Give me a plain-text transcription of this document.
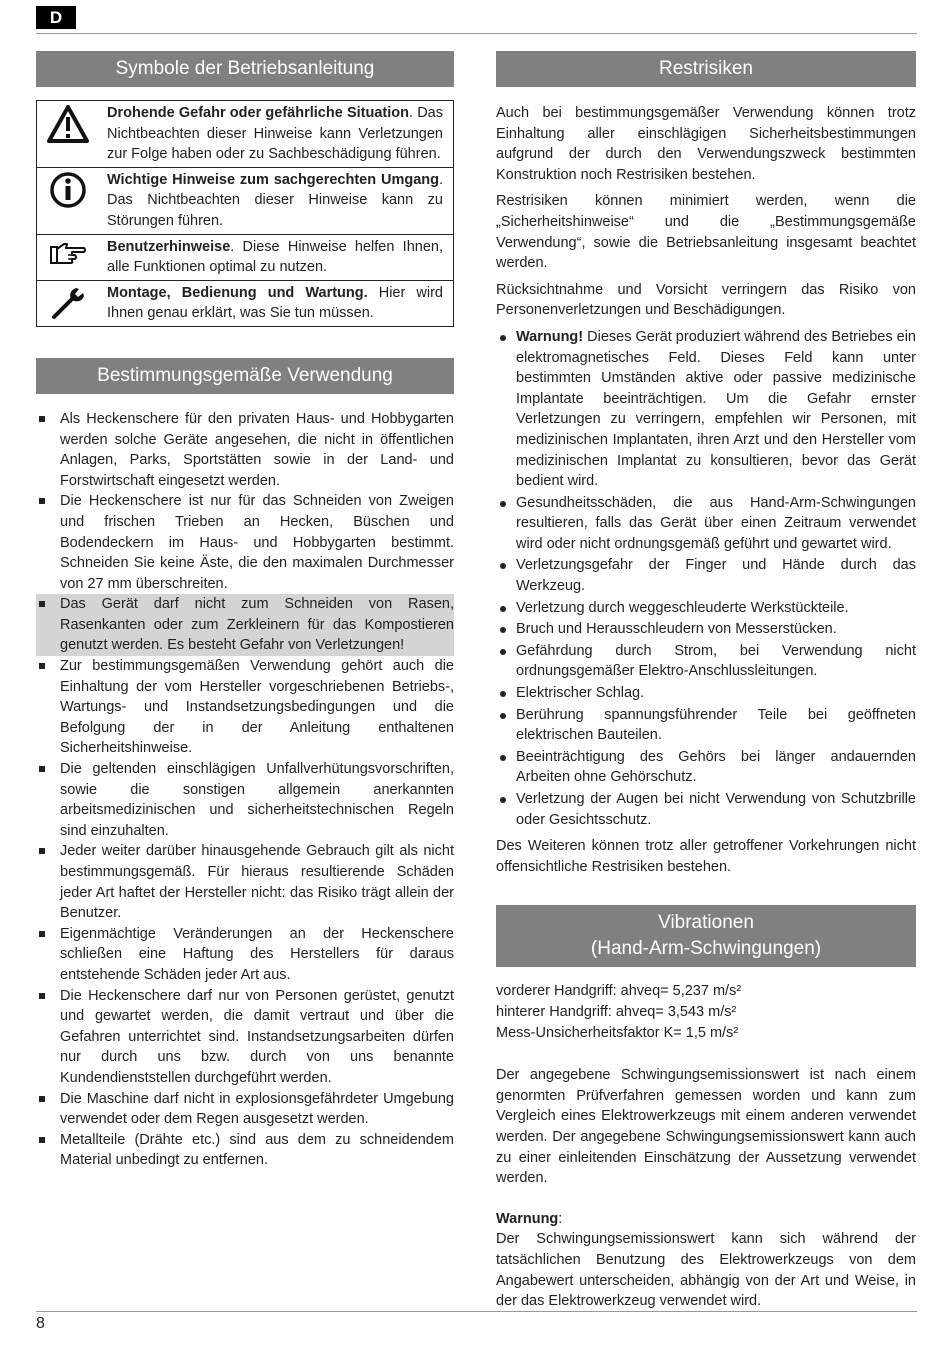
D
Symbole der Betriebsanleitung
Drohende Gefahr oder gefährliche Situation. Das Nichtbeachten dieser Hinweise kann Verletzungen zur Folge haben oder zu Sachbeschädigung führen.
Wichtige Hinweise zum sachgerechten Umgang. Das Nichtbeachten dieser Hinweise kann zu Störungen führen.
Benutzerhinweise. Diese Hinweise helfen Ihnen, alle Funktionen optimal zu nutzen.
Montage, Bedienung und Wartung. Hier wird Ihnen genau erklärt, was Sie tun müssen.
Bestimmungsgemäße Verwendung
Als Heckenschere für den privaten Haus- und Hobbygarten werden solche Geräte angesehen, die nicht in öffentlichen Anlagen, Parks, Sportstätten sowie in der Land- und Forstwirtschaft eingesetzt werden.
Die Heckenschere ist nur für das Schneiden von Zweigen und frischen Trieben an Hecken, Büschen und Bodendeckern im Haus- und Hobbygarten bestimmt. Schneiden Sie keine Äste, die den maximalen Durchmesser von 27 mm überschreiten.
Das Gerät darf nicht zum Schneiden von Rasen, Rasenkanten oder zum Zerkleinern für das Kompostieren genutzt werden. Es besteht Gefahr von Verletzungen!
Zur bestimmungsgemäßen Verwendung gehört auch die Einhaltung der vom Hersteller vorgeschriebenen Betriebs-, Wartungs- und Instandsetzungsbedingungen und die Befolgung der in der Anleitung enthaltenen Sicherheitshinweise.
Die geltenden einschlägigen Unfallverhütungsvorschriften, sowie die sonstigen allgemein anerkannten arbeitsmedizinischen und sicherheitstechnischen Regeln sind einzuhalten.
Jeder weiter darüber hinausgehende Gebrauch gilt als nicht bestimmungsgemäß. Für hieraus resultierende Schäden jeder Art haftet der Hersteller nicht: das Risiko trägt allein der Benutzer.
Eigenmächtige Veränderungen an der Heckenschere schließen eine Haftung des Herstellers für daraus entstehende Schäden jeder Art aus.
Die Heckenschere darf nur von Personen gerüstet, genutzt und gewartet werden, die damit vertraut und über die Gefahren unterrichtet sind. Instandsetzungsarbeiten dürfen nur durch uns bzw. durch von uns benannte Kundendienststellen durchgeführt werden.
Die Maschine darf nicht in explosionsgefährdeter Umgebung verwendet oder dem Regen ausgesetzt werden.
Metallteile (Drähte etc.) sind aus dem zu schneidendem Material unbedingt zu entfernen.
Restrisiken

Auch bei bestimmungsgemäßer Verwendung können trotz Einhaltung aller einschlägigen Sicherheitsbestimmungen aufgrund der durch den Verwendungszweck bestimmten Konstruktion noch Restrisiken bestehen.

Restrisiken können minimiert werden, wenn die „Sicherheitshinweise“ und die „Bestimmungsgemäße Verwendung“, sowie die Betriebsanleitung insgesamt beachtet werden.

Rücksichtnahme und Vorsicht verringern das Risiko von Personenverletzungen und Beschädigungen.

Warnung! Dieses Gerät produziert während des Betriebes ein elektromagnetisches Feld. Dieses Feld kann unter bestimmten Umständen aktive oder passive medizinische Implantate beeinträchtigen. Um die Gefahr ernster Verletzungen zu verringern, empfehlen wir Personen, mit medizinischen Implantaten, ihren Arzt und den Hersteller vom medizinischen Implantat zu konsultieren, bevor das Gerät bedient wird.
Gesundheitsschäden, die aus Hand-Arm-Schwingungen resultieren, falls das Gerät über einen Zeitraum verwendet wird oder nicht ordnungsgemäß geführt und gewartet wird.
Verletzungsgefahr der Finger und Hände durch das Werkzeug.
Verletzung durch weggeschleuderte Werkstückteile.
Bruch und Herausschleudern von Messerstücken.
Gefährdung durch Strom, bei Verwendung nicht ordnungsgemäßer Elektro-Anschlussleitungen.
Elektrischer Schlag.
Berührung spannungsführender Teile bei geöffneten elektrischen Bauteilen.
Beeinträchtigung des Gehörs bei länger andauernden Arbeiten ohne Gehörschutz.
Verletzung der Augen bei nicht Verwendung von Schutzbrille oder Gesichtsschutz.

Des Weiteren können trotz aller getroffener Vorkehrungen nicht offensichtliche Restrisiken bestehen.

Vibrationen
(Hand-Arm-Schwingungen)
vorderer Handgriff: ahveq= 5,237 m/s²
hinterer Handgriff: ahveq= 3,543 m/s²
Mess-Unsicherheitsfaktor K= 1,5 m/s²

Der angegebene Schwingungsemissionswert ist nach einem genormten Prüfverfahren gemessen worden und kann zum Vergleich eines Elektrowerkzeugs mit einem anderen verwendet werden. Der angegebene Schwingungsemissionswert kann auch zu einer einleitenden Einschätzung der Aussetzung verwendet werden.

Warnung:

Der Schwingungsemissionswert kann sich während der tatsächlichen Benutzung des Elektrowerkzeugs von dem Angabewert unterscheiden, abhängig von der Art und Weise, in der das Elektrowerkzeug verwendet wird.

8
